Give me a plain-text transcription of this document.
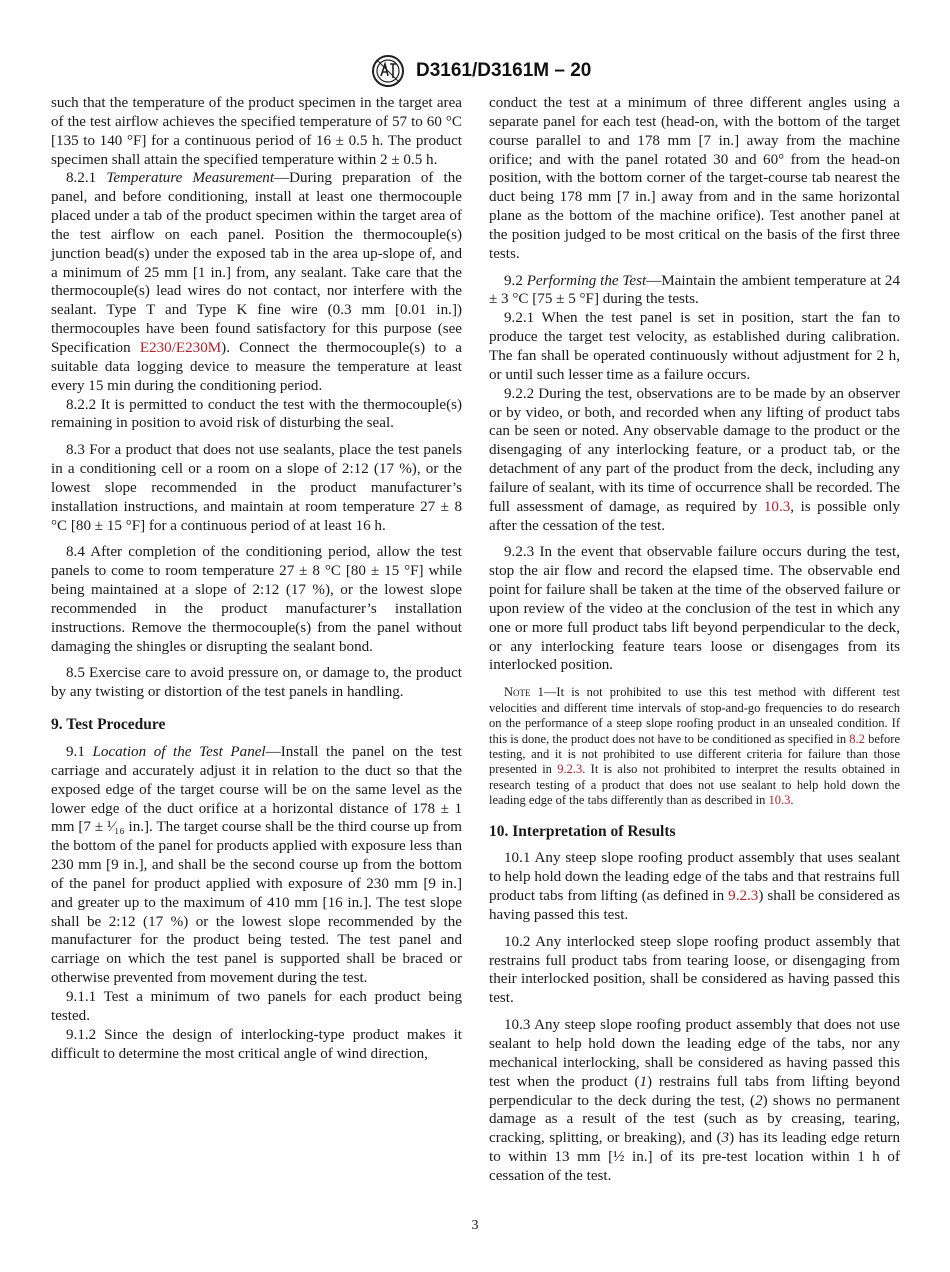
D3161/D3161M – 20

such that the temperature of the product specimen in the target area of the test airflow achieves the specified temperature of 57 to 60 °C [135 to 140 °F] for a continuous period of 16 ± 0.5 h. The product specimen shall attain the specified temperature within 2 ± 0.5 h.

8.2.1 Temperature Measurement—During preparation of the panel, and before conditioning, install at least one thermocouple placed under a tab of the product specimen within the target area of the test airflow on each panel. Position the thermocouple(s) junction bead(s) under the exposed tab in the area up-slope of, and a minimum of 25 mm [1 in.] from, any sealant. Take care that the thermocouple(s) lead wires do not contact, nor interfere with the sealant. Type T and Type K fine wire (0.3 mm [0.01 in.]) thermocouples have been found satisfactory for this purpose (see Specification E230/E230M). Connect the thermocouple(s) to a suitable data logging device to measure the temperature at least every 15 min during the conditioning period.

8.2.2 It is permitted to conduct the test with the thermocouple(s) remaining in position to avoid risk of disturbing the seal.

8.3 For a product that does not use sealants, place the test panels in a conditioning cell or a room on a slope of 2:12 (17 %), or the lowest slope recommended in the product manufacturer’s installation instructions, and maintain at room temperature 27 ± 8 °C [80 ± 15 °F] for a continuous period of at least 16 h.

8.4 After completion of the conditioning period, allow the test panels to come to room temperature 27 ± 8 °C [80 ± 15 °F] while being maintained at a slope of 2:12 (17 %), or the lowest slope recommended in the product manufacturer’s installation instructions. Remove the thermocouple(s) from the panel without damaging the shingles or disrupting the sealant bond.

8.5 Exercise care to avoid pressure on, or damage to, the product by any twisting or distortion of the test panels in handling.

9. Test Procedure

9.1 Location of the Test Panel—Install the panel on the test carriage and accurately adjust it in relation to the duct so that the exposed edge of the target course will be on the same level as the lower edge of the duct orifice at a horizontal distance of 178 ± 1 mm [7 ± ¹⁄₁₆ in.]. The target course shall be the third course up from the bottom of the panel for products applied with exposure less than 230 mm [9 in.], and shall be the second course up from the bottom of the panel for product applied with exposure of 230 mm [9 in.] and greater up to the maximum of 410 mm [16 in.]. The test slope shall be 2:12 (17 %) or the lowest slope recommended by the manufacturer for the product being tested. The test panel and carriage on which the test panel is supported shall be braced or otherwise prevented from movement during the test.

9.1.1 Test a minimum of two panels for each product being tested.

9.1.2 Since the design of interlocking-type product makes it difficult to determine the most critical angle of wind direction,

conduct the test at a minimum of three different angles using a separate panel for each test (head-on, with the bottom of the target course parallel to and 178 mm [7 in.] away from the machine orifice; and with the panel rotated 30 and 60° from the head-on position, with the bottom corner of the target-course tab nearest the duct being 178 mm [7 in.] away from and in the same horizontal plane as the bottom of the machine orifice). Test another panel at the position judged to be most critical on the basis of the first three tests.

9.2 Performing the Test—Maintain the ambient temperature at 24 ± 3 °C [75 ± 5 °F] during the tests.

9.2.1 When the test panel is set in position, start the fan to produce the target test velocity, as established during calibration. The fan shall be operated continuously without adjustment for 2 h, or until such lesser time as a failure occurs.

9.2.2 During the test, observations are to be made by an observer or by video, or both, and recorded when any lifting of product tabs can be seen or noted. Any observable damage to the product or the disengaging of any interlocking feature, or a product tab, or the detachment of any part of the product from the deck, including any failure of sealant, with its time of occurrence shall be recorded. The full assessment of damage, as required by 10.3, is possible only after the cessation of the test.

9.2.3 In the event that observable failure occurs during the test, stop the air flow and record the elapsed time. The observable end point for failure shall be taken at the time of the observed failure or upon review of the video at the conclusion of the test in which any one or more full product tabs lift beyond perpendicular to the deck, or any interlocking feature tears loose or disengages from its interlocked position.

Note 1—It is not prohibited to use this test method with different test velocities and different time intervals of stop-and-go frequencies to do research on the performance of a steep slope roofing product in an unsealed condition. If this is done, the product does not have to be conditioned as specified in 8.2 before testing, and it is not prohibited to use different criteria for failure than those presented in 9.2.3. It is also not prohibited to interpret the results obtained in research testing of a product that does not use sealant to help hold down the leading edge of the tabs differently than as described in 10.3.

10. Interpretation of Results

10.1 Any steep slope roofing product assembly that uses sealant to help hold down the leading edge of the tabs and that restrains full product tabs from lifting (as defined in 9.2.3) shall be considered as having passed this test.

10.2 Any interlocked steep slope roofing product assembly that restrains full product tabs from tearing loose, or disengaging from their interlocked position, shall be considered as having passed this test.

10.3 Any steep slope roofing product assembly that does not use sealant to help hold down the leading edge of the tabs, nor any mechanical interlocking, shall be considered as having passed this test when the product (1) restrains full tabs from lifting beyond perpendicular to the deck during the test, (2) shows no permanent damage as a result of the test (such as by creasing, tearing, cracking, splitting, or breaking), and (3) has its leading edge return to within 13 mm [½ in.] of its pre-test location within 1 h of cessation of the test.

3
